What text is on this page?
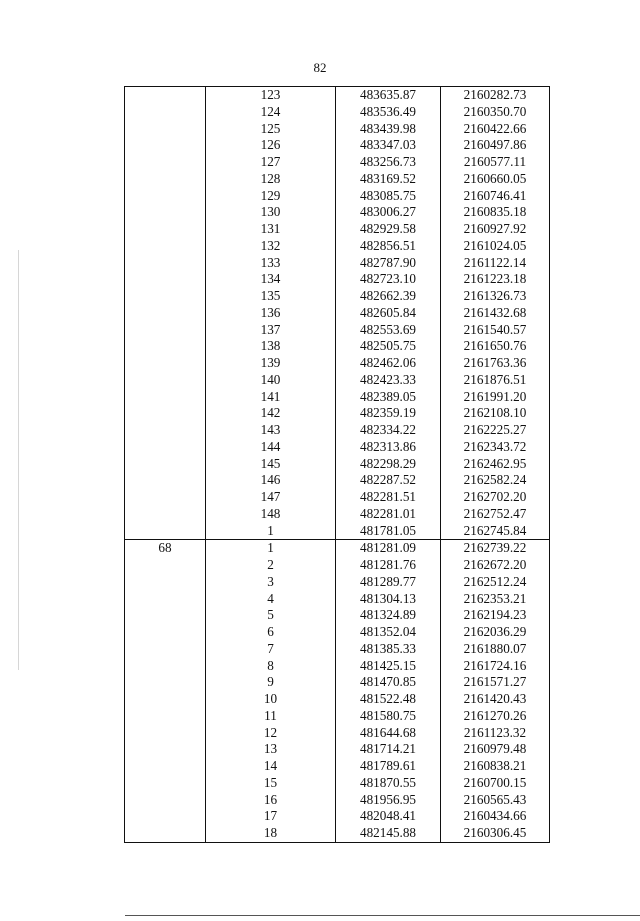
82
	123	483635.87	2160282.73
	124	483536.49	2160350.70
	125	483439.98	2160422.66
	126	483347.03	2160497.86
	127	483256.73	2160577.11
	128	483169.52	2160660.05
	129	483085.75	2160746.41
	130	483006.27	2160835.18
	131	482929.58	2160927.92
	132	482856.51	2161024.05
	133	482787.90	2161122.14
	134	482723.10	2161223.18
	135	482662.39	2161326.73
	136	482605.84	2161432.68
	137	482553.69	2161540.57
	138	482505.75	2161650.76
	139	482462.06	2161763.36
	140	482423.33	2161876.51
	141	482389.05	2161991.20
	142	482359.19	2162108.10
	143	482334.22	2162225.27
	144	482313.86	2162343.72
	145	482298.29	2162462.95
	146	482287.52	2162582.24
	147	482281.51	2162702.20
	148	482281.01	2162752.47
	1	481781.05	2162745.84
68	1	481281.09	2162739.22
	2	481281.76	2162672.20
	3	481289.77	2162512.24
	4	481304.13	2162353.21
	5	481324.89	2162194.23
	6	481352.04	2162036.29
	7	481385.33	2161880.07
	8	481425.15	2161724.16
	9	481470.85	2161571.27
	10	481522.48	2161420.43
	11	481580.75	2161270.26
	12	481644.68	2161123.32
	13	481714.21	2160979.48
	14	481789.61	2160838.21
	15	481870.55	2160700.15
	16	481956.95	2160565.43
	17	482048.41	2160434.66
	18	482145.88	2160306.45
